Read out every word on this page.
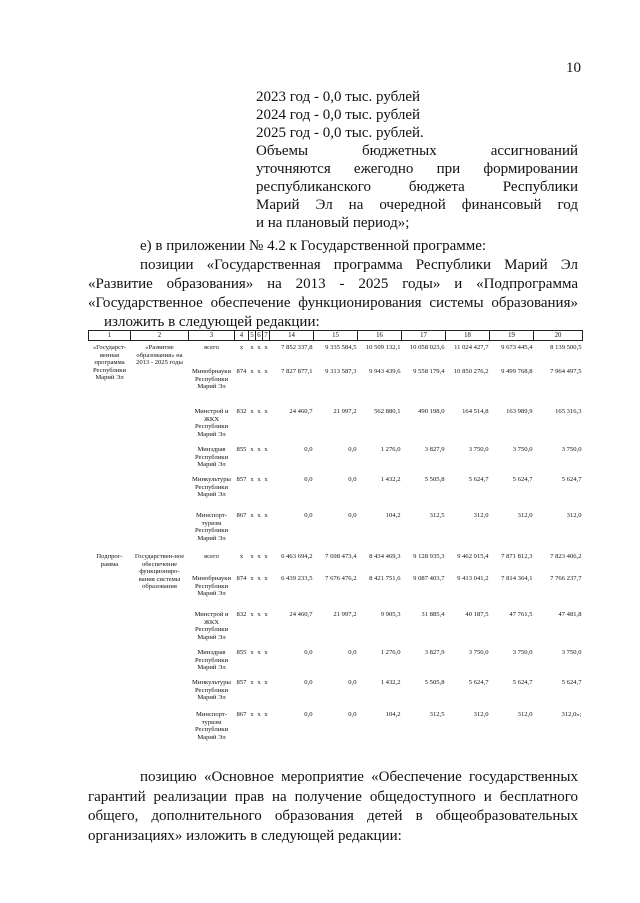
10
2023 год - 0,0 тыс. рублей
2024 год - 0,0 тыс. рублей
2025 год - 0,0 тыс. рублей.
Объемы бюджетных ассигнований
уточняются ежегодно при формировании
республиканского бюджета Республики
Марий Эл на очередной финансовый год
и на плановый период»;
е) в приложении № 4.2 к Государственной программе:
позиции «Государственная программа Республики Марий Эл
«Развитие образования» на 2013 - 2025 годы» и «Подпрограмма
«Государственное обеспечение функционирования системы образования»
изложить в следующей редакции:
1	2	3	4	5	6	7	14	15	16	17	18	19	20

«Государст-венная программа Республики Марий Эл	«Развитие образования» на 2013 - 2025 годы	всего	х	х	х	х	7 852 337,8	9 335 584,5	10 509 132,1	10 058 023,6	11 024 427,7	9 673 445,4	8 139 500,5
		Минобрнауки Республики Марий Эл	874	х	х	х	7 827 877,1	9 313 587,3	9 943 439,6	9 558 179,4	10 850 276,2	9 499 768,8	7 964 497,5
		Минстрой и ЖКХ Республики Марий Эл	832	х	х	х	24 460,7	21 997,2	562 880,1	490 198,0	164 514,8	163 989,9	165 316,3
		Минздрав Республики Марий Эл	855	х	х	х	0,0	0,0	1 276,0	3 827,9	3 750,0	3 750,0	3 750,0
		Минкультуры Республики Марий Эл	857	х	х	х	0,0	0,0	1 432,2	5 505,8	5 624,7	5 624,7	5 624,7
		Минспорт-туризм Республики Марий Эл	867	х	х	х	0,0	0,0	104,2	312,5	312,0	312,0	312,0

Подпрог-рамма	Государствен-ное обеспечение функциониро-вания системы образования	всего	х	х	х	х	6 463 694,2	7 698 473,4	8 434 469,3	9 128 935,3	9 462 915,4	7 871 812,3	7 823 406,2
		Минобрнауки Республики Марий Эл	874	х	х	х	6 439 233,5	7 676 476,2	8 421 751,6	9 087 403,7	9 413 041,2	7 814 364,1	7 766 237,7
		Минстрой и ЖКХ Республики Марий Эл	832	х	х	х	24 460,7	21 997,2	9 905,3	31 885,4	40 187,5	47 761,5	47 481,8
		Минздрав Республики Марий Эл	855	х	х	х	0,0	0,0	1 276,0	3 827,9	3 750,0	3 750,0	3 750,0
		Минкультуры Республики Марий Эл	857	х	х	х	0,0	0,0	1 432,2	5 505,8	5 624,7	5 624,7	5 624,7
		Минспорт-туризм Республики Марий Эл	867	х	х	х	0,0	0,0	104,2	312,5	312,0	312,0	312,0»;
позицию «Основное мероприятие «Обеспечение государственных
гарантий реализации прав на получение общедоступного и бесплатного
общего, дополнительного образования детей в общеобразовательных
организациях» изложить в следующей редакции:
